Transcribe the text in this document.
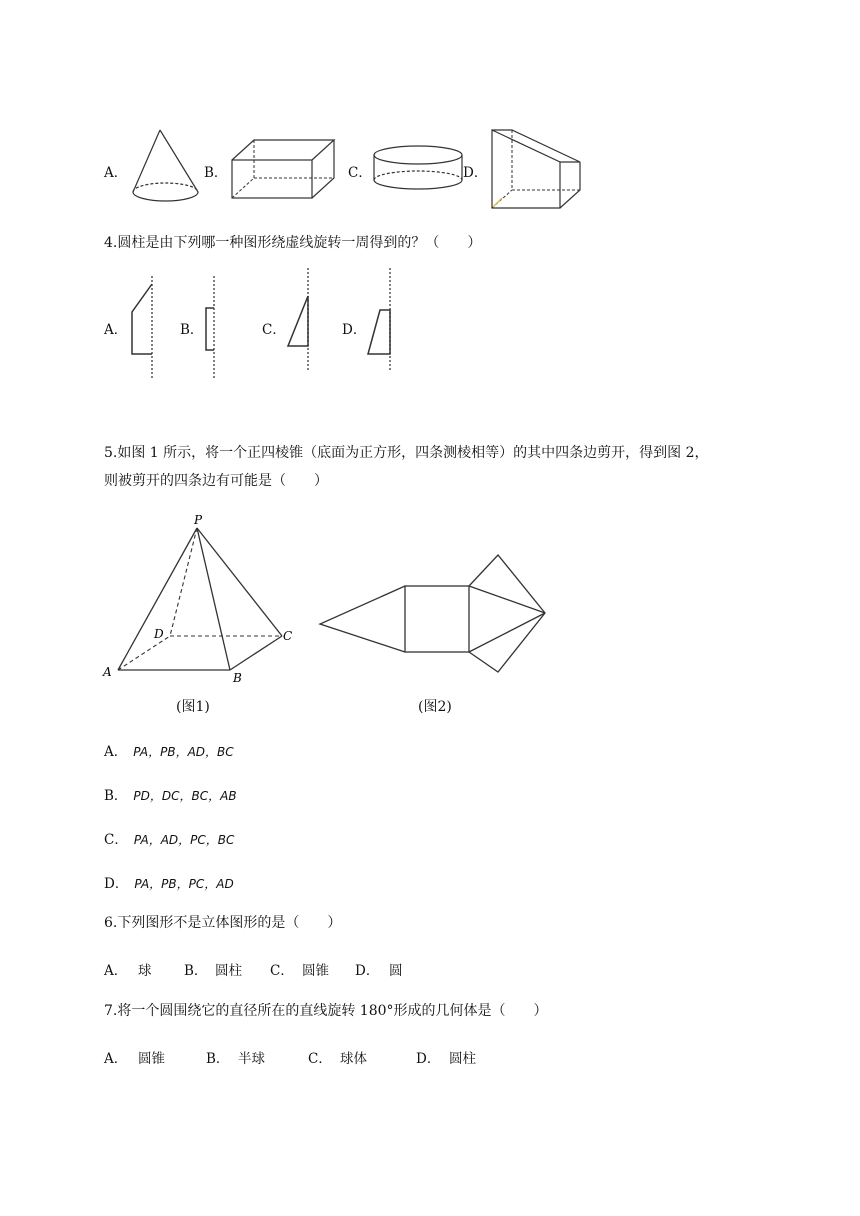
A．	B．	C．	D．
4.圆柱是由下列哪一种图形绕虚线旋转一周得到的？（　　）
A．	B．	C．	D．
5.如图 1 所示，将一个正四棱锥（底面为正方形，四条测棱相等）的其中四条边剪开，得到图 2，
则被剪开的四条边有可能是（　　）
P
A	B
C
D
(图1)	(图2)
A． PA，PB，AD，BC
B． PD，DC，BC，AB
C． PA，AD，PC，BC
D． PA，PB，PC，AD
6.下列图形不是立体图形的是（　　）
A． 球 B． 圆柱 C． 圆锥 D． 圆
7.将一个圆围绕它的直径所在的直线旋转 180°形成的几何体是（　　）
A． 圆锥	B． 半球	C． 球体	D． 圆柱
